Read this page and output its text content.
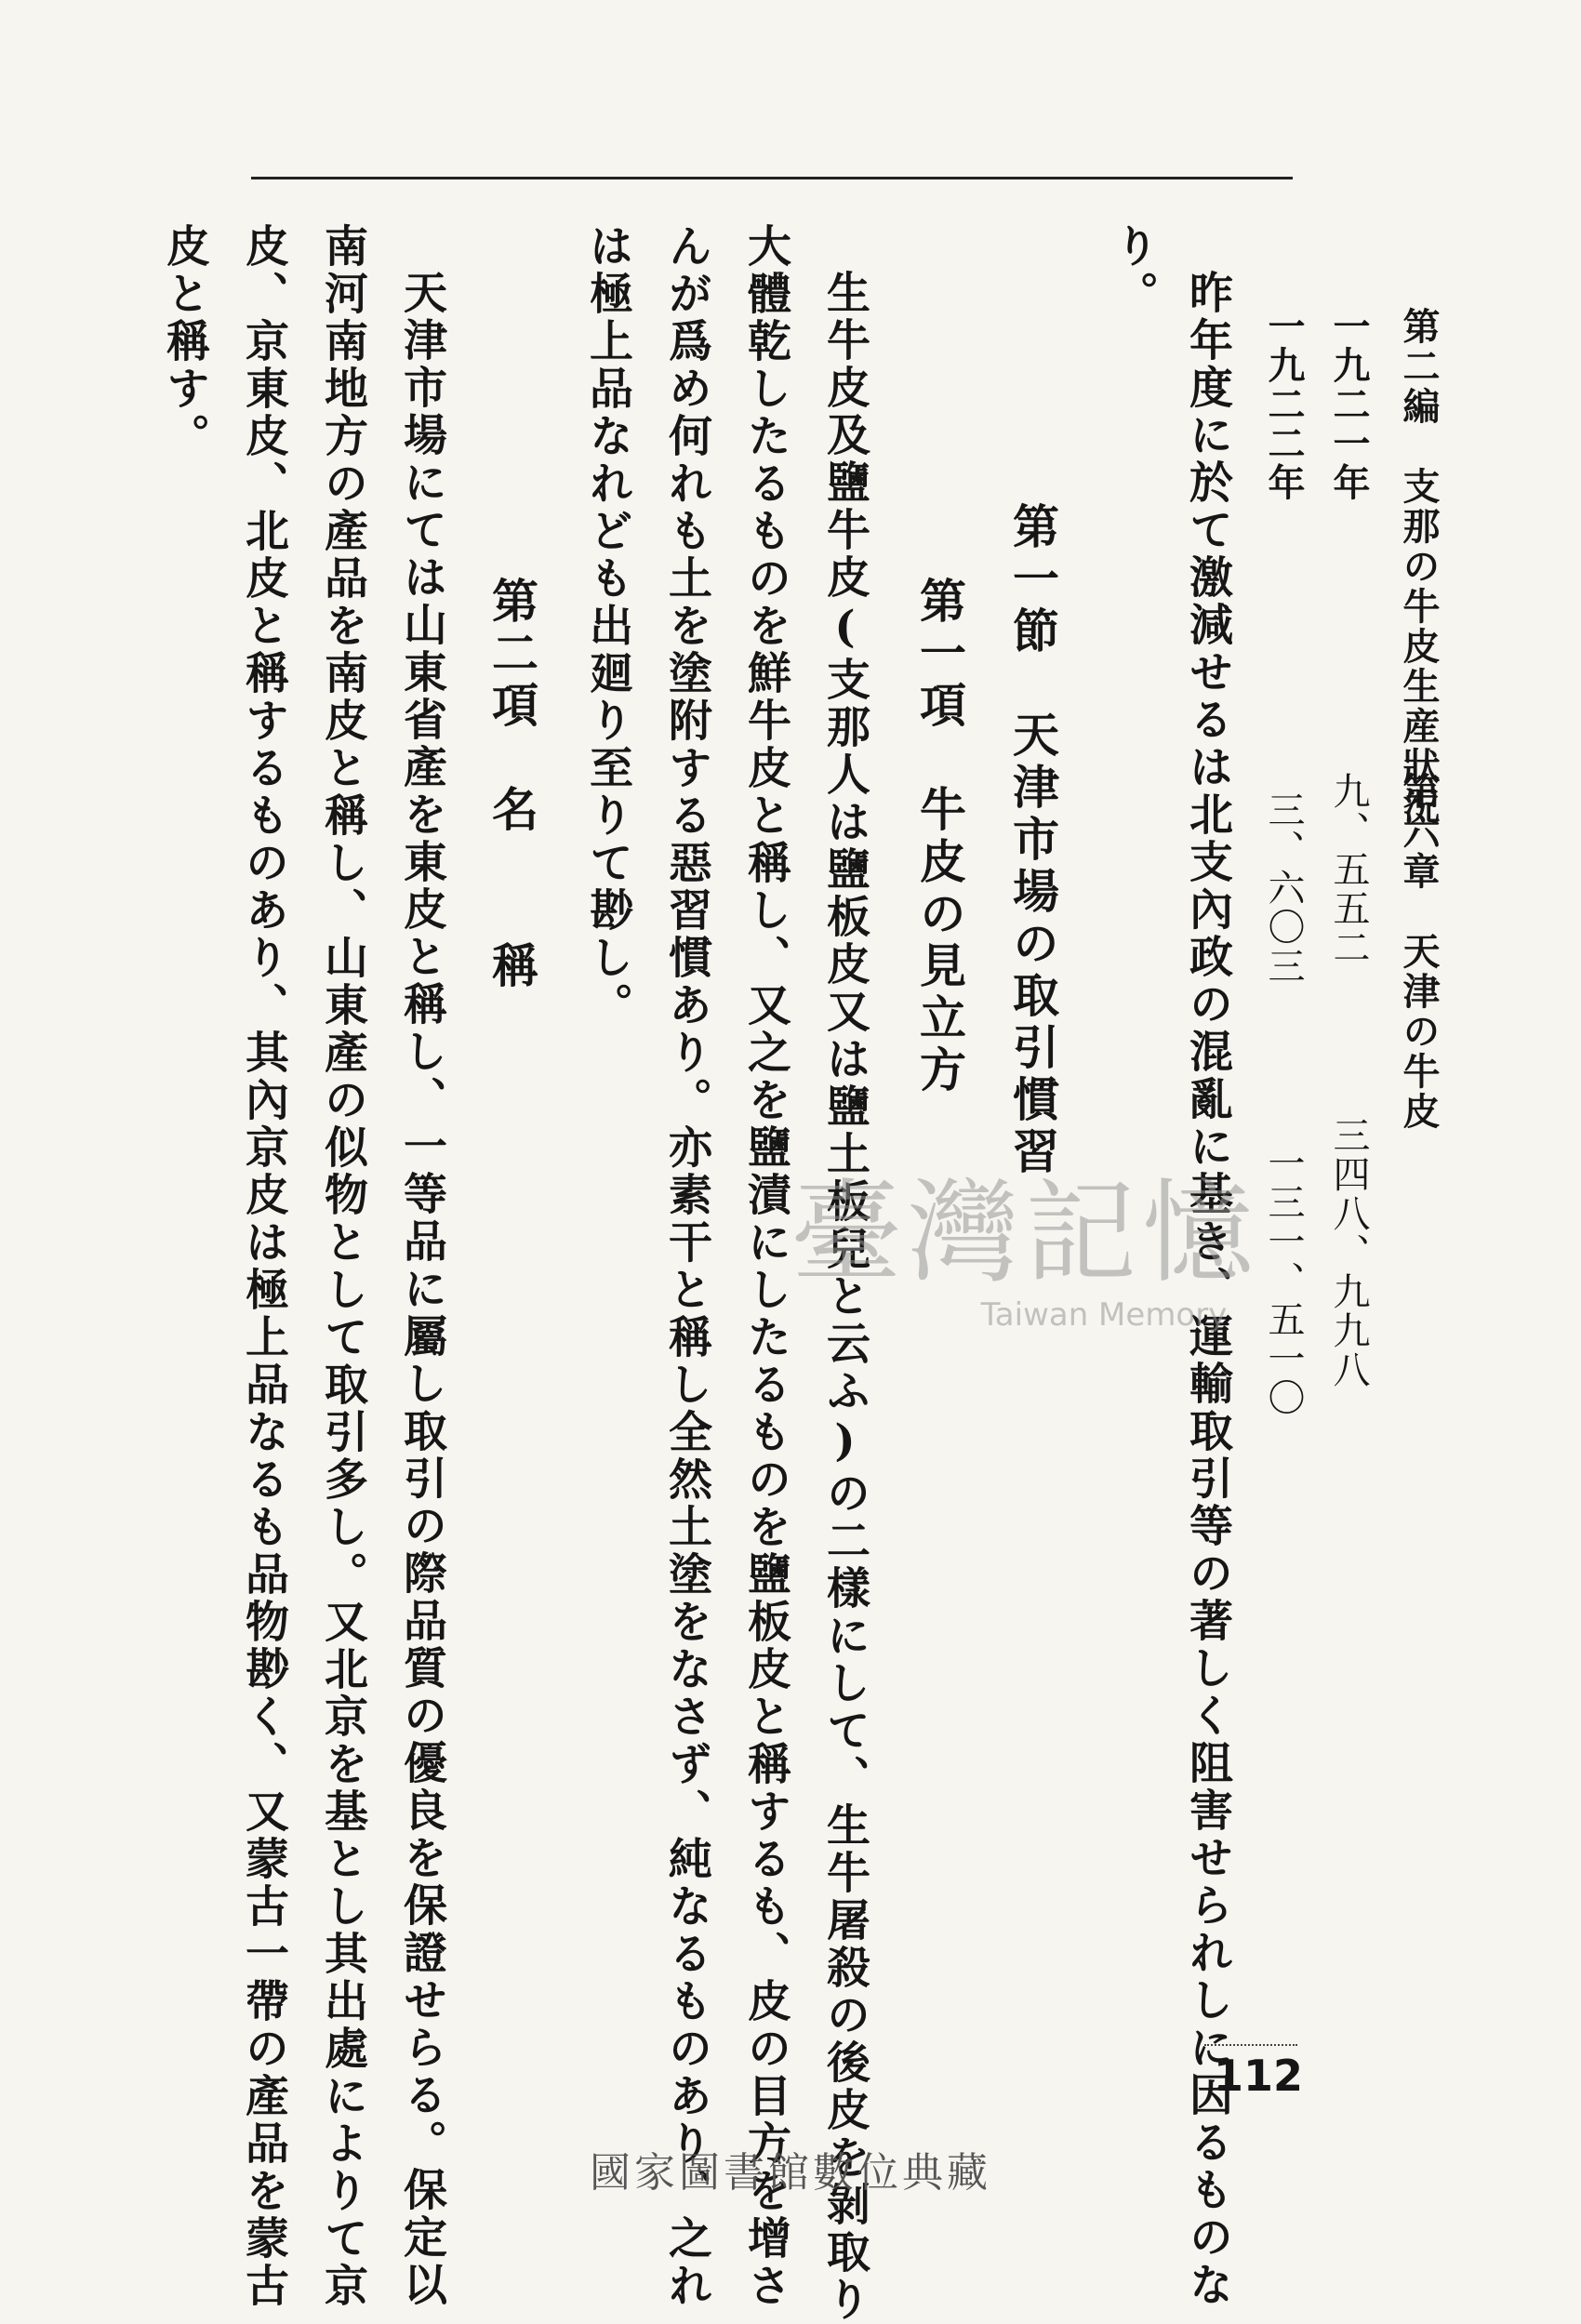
第二編　支那の牛皮生産狀況
第六章　天津の牛皮
一九二一年
九、五五二
三四八、九九八
一九二二年
三、六〇三
一三一、五一〇
昨年度に於て激減せるは北支內政の混亂に基き、運輸取引等の著しく阻害せられしに因るものな
り。
第一節　天津市場の取引慣習
第一項　牛皮の見立方
生牛皮及鹽牛皮(支那人は鹽板皮又は鹽土板兒と云ふ)の二樣にして、生牛屠殺の後皮を剝取り
大體乾したるものを鮮牛皮と稱し、又之を鹽漬にしたるものを鹽板皮と稱するも、皮の目方を增さ
んが爲め何れも土を塗附する惡習慣あり。亦素干と稱し全然土塗をなさず、純なるものあり、之れ
は極上品なれども出廻り至りて尠し。
第二項　名　　稱
天津市場にては山東省產を東皮と稱し、一等品に屬し取引の際品質の優良を保證せらる。保定以
南河南地方の產品を南皮と稱し、山東產の似物として取引多し。又北京を基とし其出處によりて京
皮、京東皮、北皮と稱するものあり、其內京皮は極上品なるも品物尠く、又蒙古一帶の產品を蒙古
皮と稱す。
臺灣記憶
Taiwan Memory
112
國家圖書館數位典藏
